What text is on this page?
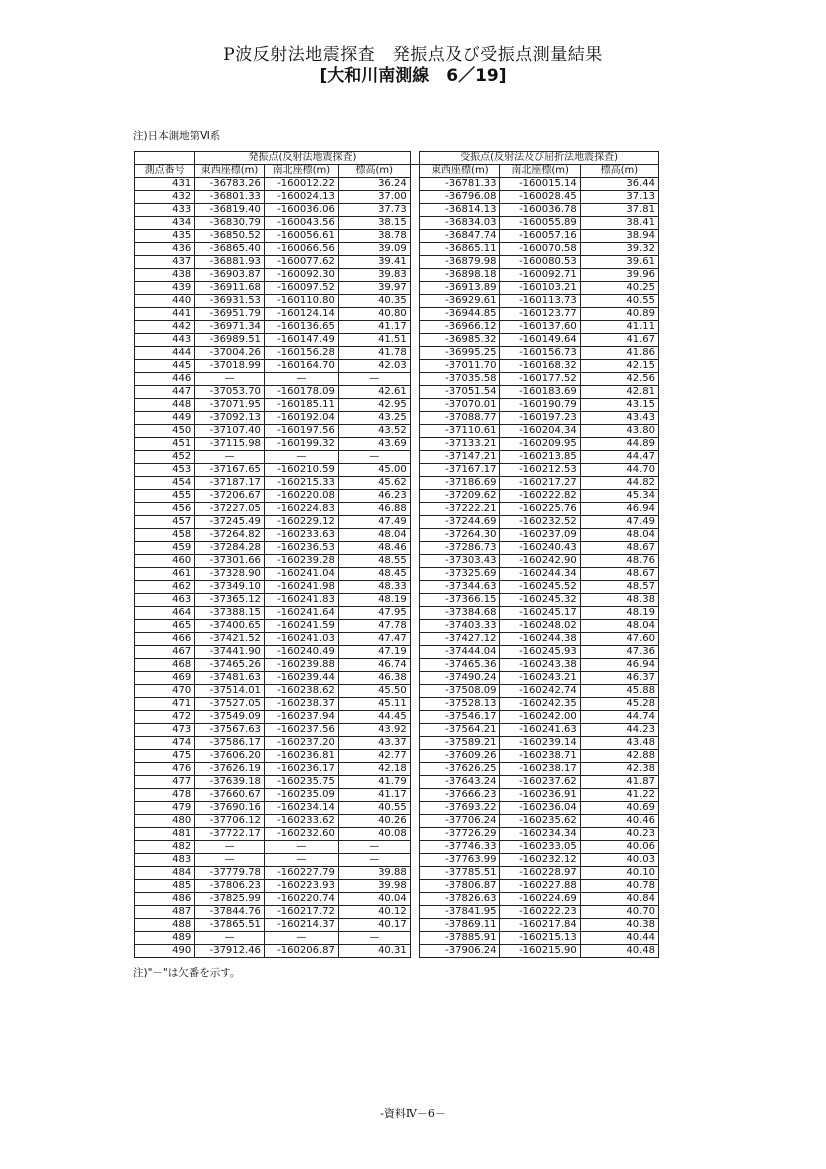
P波反射法地震探査　発振点及び受振点測量結果
[大和川南測線　6／19]
注)日本測地第Ⅵ系
	発振点(反射法地震探査)				受振点(反射法及び屈折法地震探査)		
測点番号	東西座標(m)	南北座標(m)	標高(m)		東西座標(m)	南北座標(m)	標高(m)
431	-36783.26	-160012.22	36.24		-36781.33	-160015.14	36.44
432	-36801.33	-160024.13	37.00		-36796.08	-160028.45	37.13
433	-36819.40	-160036.06	37.73		-36814.13	-160036.78	37.81
434	-36830.79	-160043.56	38.15		-36834.03	-160055.89	38.41
435	-36850.52	-160056.61	38.78		-36847.74	-160057.16	38.94
436	-36865.40	-160066.56	39.09		-36865.11	-160070.58	39.32
437	-36881.93	-160077.62	39.41		-36879.98	-160080.53	39.61
438	-36903.87	-160092.30	39.83		-36898.18	-160092.71	39.96
439	-36911.68	-160097.52	39.97		-36913.89	-160103.21	40.25
440	-36931.53	-160110.80	40.35		-36929.61	-160113.73	40.55
441	-36951.79	-160124.14	40.80		-36944.85	-160123.77	40.89
442	-36971.34	-160136.65	41.17		-36966.12	-160137.60	41.11
443	-36989.51	-160147.49	41.51		-36985.32	-160149.64	41.67
444	-37004.26	-160156.28	41.78		-36995.25	-160156.73	41.86
445	-37018.99	-160164.70	42.03		-37011.70	-160168.32	42.15
446	—	—	—		-37035.58	-160177.52	42.56
447	-37053.70	-160178.09	42.61		-37051.54	-160183.69	42.81
448	-37071.95	-160185.11	42.95		-37070.01	-160190.79	43.15
449	-37092.13	-160192.04	43.25		-37088.77	-160197.23	43.43
450	-37107.40	-160197.56	43.52		-37110.61	-160204.34	43.80
451	-37115.98	-160199.32	43.69		-37133.21	-160209.95	44.89
452	—	—	—		-37147.21	-160213.85	44.47
453	-37167.65	-160210.59	45.00		-37167.17	-160212.53	44.70
454	-37187.17	-160215.33	45.62		-37186.69	-160217.27	44.82
455	-37206.67	-160220.08	46.23		-37209.62	-160222.82	45.34
456	-37227.05	-160224.83	46.88		-37222.21	-160225.76	46.94
457	-37245.49	-160229.12	47.49		-37244.69	-160232.52	47.49
458	-37264.82	-160233.63	48.04		-37264.30	-160237.09	48.04
459	-37284.28	-160236.53	48.46		-37286.73	-160240.43	48.67
460	-37301.66	-160239.28	48.55		-37303.43	-160242.90	48.76
461	-37328.90	-160241.04	48.45		-37325.69	-160244.34	48.67
462	-37349.10	-160241.98	48.33		-37344.63	-160245.52	48.57
463	-37365.12	-160241.83	48.19		-37366.15	-160245.32	48.38
464	-37388.15	-160241.64	47.95		-37384.68	-160245.17	48.19
465	-37400.65	-160241.59	47.78		-37403.33	-160248.02	48.04
466	-37421.52	-160241.03	47.47		-37427.12	-160244.38	47.60
467	-37441.90	-160240.49	47.19		-37444.04	-160245.93	47.36
468	-37465.26	-160239.88	46.74		-37465.36	-160243.38	46.94
469	-37481.63	-160239.44	46.38		-37490.24	-160243.21	46.37
470	-37514.01	-160238.62	45.50		-37508.09	-160242.74	45.88
471	-37527.05	-160238.37	45.11		-37528.13	-160242.35	45.28
472	-37549.09	-160237.94	44.45		-37546.17	-160242.00	44.74
473	-37567.63	-160237.56	43.92		-37564.21	-160241.63	44.23
474	-37586.17	-160237.20	43.37		-37589.21	-160239.14	43.48
475	-37606.20	-160236.81	42.77		-37609.26	-160238.71	42.88
476	-37626.19	-160236.17	42.18		-37626.25	-160238.17	42.38
477	-37639.18	-160235.75	41.79		-37643.24	-160237.62	41.87
478	-37660.67	-160235.09	41.17		-37666.23	-160236.91	41.22
479	-37690.16	-160234.14	40.55		-37693.22	-160236.04	40.69
480	-37706.12	-160233.62	40.26		-37706.24	-160235.62	40.46
481	-37722.17	-160232.60	40.08		-37726.29	-160234.34	40.23
482	—	—	—		-37746.33	-160233.05	40.06
483	—	—	—		-37763.99	-160232.12	40.03
484	-37779.78	-160227.79	39.88		-37785.51	-160228.97	40.10
485	-37806.23	-160223.93	39.98		-37806.87	-160227.88	40.78
486	-37825.99	-160220.74	40.04		-37826.63	-160224.69	40.84
487	-37844.76	-160217.72	40.12		-37841.95	-160222.23	40.70
488	-37865.51	-160214.37	40.17		-37869.11	-160217.84	40.38
489	—	—	—		-37885.91	-160215.13	40.44
490	-37912.46	-160206.87	40.31		-37906.24	-160215.90	40.48
注)"－"は欠番を示す。
-資料Ⅳ－6－
